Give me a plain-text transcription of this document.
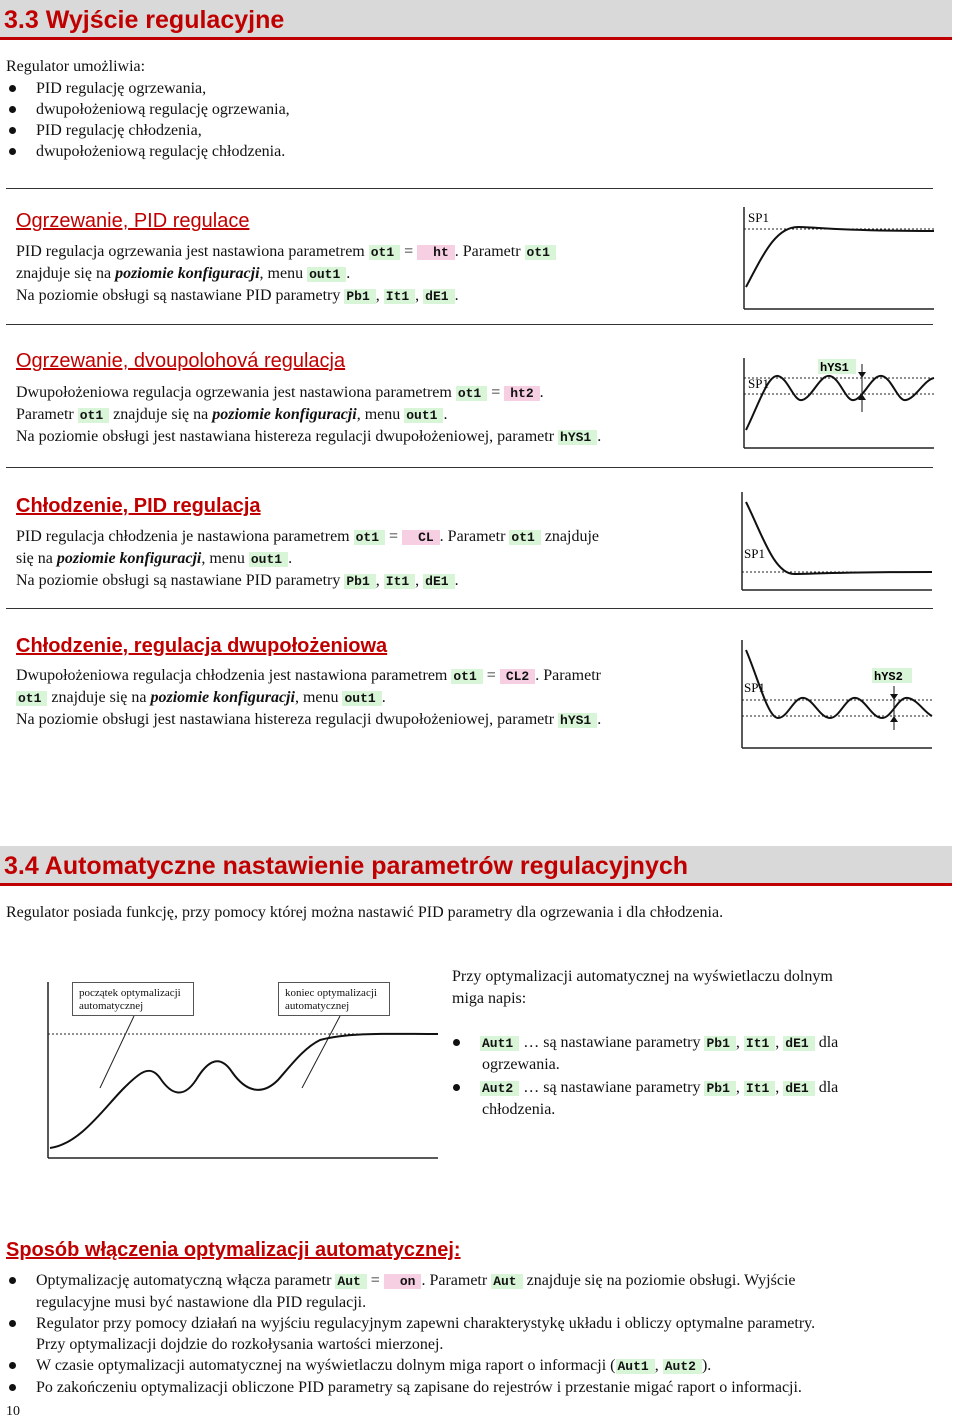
3.3 Wyjście regulacyjne
Regulator umożliwia:
PID regulację ogrzewania,
dwupołożeniową regulację ogrzewania,
PID regulację chłodzenia,
dwupołożeniową regulację chłodzenia.
Ogrzewanie, PID regulace
PID regulacja ogrzewania jest nastawiona parametrem ot1 = ht . Parametr ot1
znajduje się na poziomie konfiguracji, menu out1 .
Na poziomie obsługi są nastawiane PID parametry Pb1 , It1 , dE1 .
SP1
Ogrzewanie, dvoupolohová regulacja
Dwupołożeniowa regulacja ogrzewania jest nastawiona parametrem ot1 = ht2 .
Parametr ot1 znajduje się na poziomie konfiguracji, menu out1 .
Na poziomie obsługi jest nastawiana histereza regulacji dwupołożeniowej, parametr hYS1 .
SP1
hYS1
Chłodzenie, PID regulacja
PID regulacja chłodzenia je nastawiona parametrem ot1 = CL . Parametr ot1 znajduje
się na poziomie konfiguracji, menu out1 .
Na poziomie obsługi są nastawiane PID parametry Pb1 , It1 , dE1 .
SP1
Chłodzenie, regulacja dwupołożeniowa
Dwupołożeniowa regulacja chłodzenia jest nastawiona parametrem ot1 = CL2 . Parametr
ot1 znajduje się na poziomie konfiguracji, menu out1 .
Na poziomie obsługi jest nastawiana histereza regulacji dwupołożeniowej, parametr hYS1 .
SP1
hYS2
3.4 Automatyczne nastawienie parametrów regulacyjnych
Regulator posiada funkcję, przy pomocy której można nastawić PID parametry dla ogrzewania i dla chłodzenia.
początek optymalizacji automatycznej
koniec optymalizacji automatycznej
Przy optymalizacji automatycznej na wyświetlaczu dolnym
miga napis:
Aut1 … są nastawiane parametry Pb1 , It1 , dE1 dla
ogrzewania.
Aut2 … są nastawiane parametry Pb1 , It1 , dE1 dla
chłodzenia.
Sposób włączenia optymalizacji automatycznej:
Optymalizację automatyczną włącza parametr Aut = on . Parametr Aut znajduje się na poziomie obsługi. Wyjście
regulacyjne musi być nastawione dla PID regulacji.
Regulator przy pomocy działań na wyjściu regulacyjnym zapewni charakterystykę układu i obliczy optymalne parametry.
Przy optymalizacji dojdzie do rozkołysania wartości mierzonej.
W czasie optymalizacji automatycznej na wyświetlaczu dolnym miga raport o informacji ( Aut1 , Aut2 ).
Po zakończeniu optymalizacji obliczone PID parametry są zapisane do rejestrów i przestanie migać raport o informacji.
10
